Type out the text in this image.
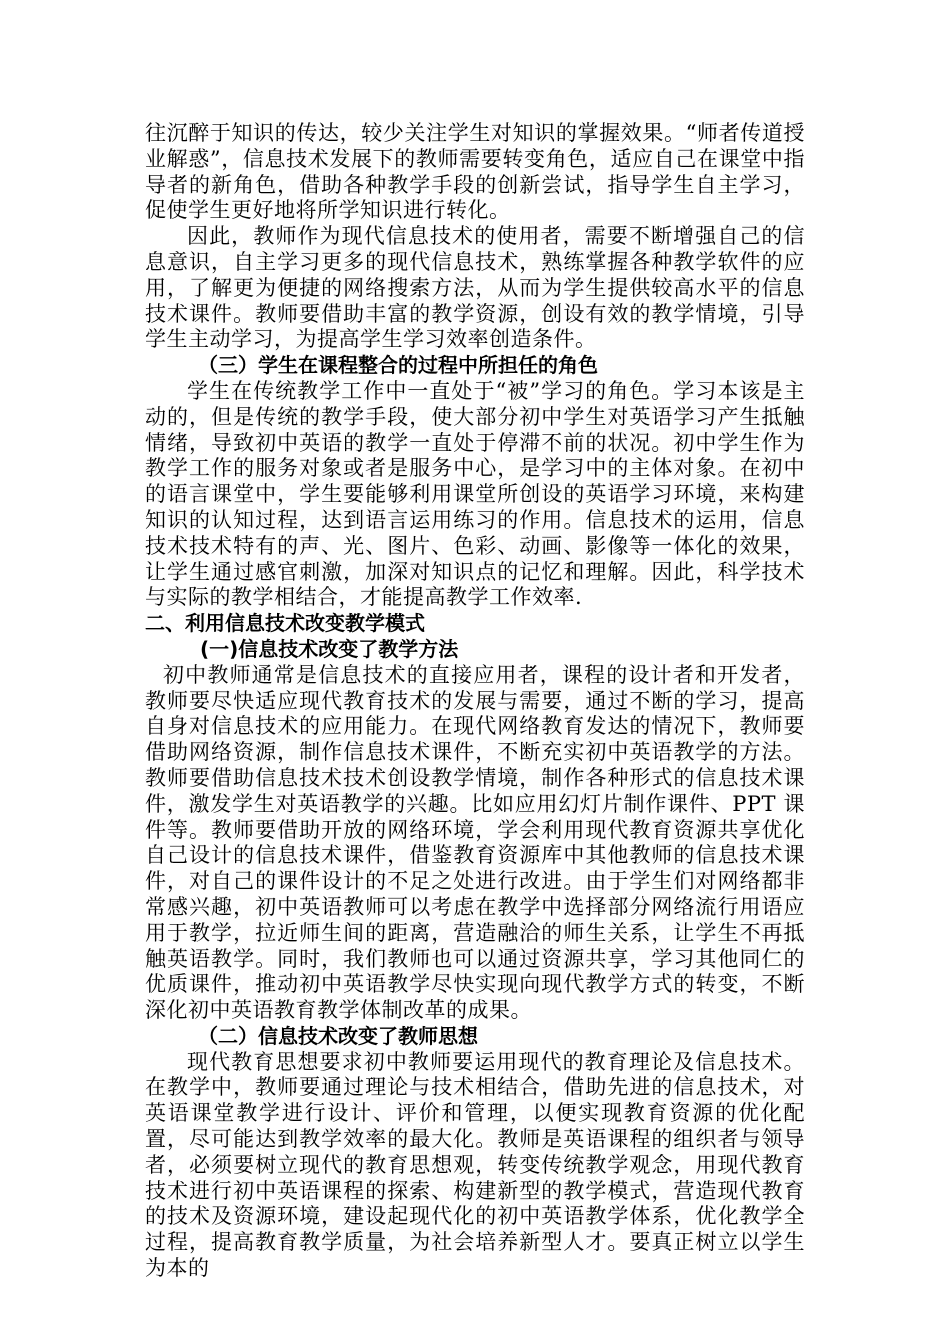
往沉醉于知识的传达，较少关注学生对知识的掌握效果。“师者传道授业解惑”，信息技术发展下的教师需要转变角色，适应自己在课堂中指导者的新角色，借助各种教学手段的创新尝试，指导学生自主学习，促使学生更好地将所学知识进行转化。

因此，教师作为现代信息技术的使用者，需要不断增强自己的信息意识，自主学习更多的现代信息技术，熟练掌握各种教学软件的应用，了解更为便捷的网络搜索方法，从而为学生提供较高水平的信息技术课件。教师要借助丰富的教学资源，创设有效的教学情境，引导学生主动学习，为提高学生学习效率创造条件。

（三）学生在课程整合的过程中所担任的角色

学生在传统教学工作中一直处于“被”学习的角色。学习本该是主动的，但是传统的教学手段，使大部分初中学生对英语学习产生抵触情绪，导致初中英语的教学一直处于停滞不前的状况。初中学生作为教学工作的服务对象或者是服务中心，是学习中的主体对象。在初中的语言课堂中，学生要能够利用课堂所创设的英语学习环境，来构建知识的认知过程，达到语言运用练习的作用。信息技术的运用，信息技术技术特有的声、光、图片、色彩、动画、影像等一体化的效果，让学生通过感官刺激，加深对知识点的记忆和理解。因此，科学技术与实际的教学相结合，才能提高教学工作效率.

二、利用信息技术改变教学模式

(一)信息技术改变了教学方法

初中教师通常是信息技术的直接应用者，课程的设计者和开发者，教师要尽快适应现代教育技术的发展与需要，通过不断的学习，提高自身对信息技术的应用能力。在现代网络教育发达的情况下，教师要借助网络资源，制作信息技术课件，不断充实初中英语教学的方法。教师要借助信息技术技术创设教学情境，制作各种形式的信息技术课件，激发学生对英语教学的兴趣。比如应用幻灯片制作课件、PPT 课件等。教师要借助开放的网络环境，学会利用现代教育资源共享优化自己设计的信息技术课件，借鉴教育资源库中其他教师的信息技术课件，对自己的课件设计的不足之处进行改进。由于学生们对网络都非常感兴趣，初中英语教师可以考虑在教学中选择部分网络流行用语应用于教学，拉近师生间的距离，营造融洽的师生关系，让学生不再抵触英语教学。同时，我们教师也可以通过资源共享，学习其他同仁的优质课件，推动初中英语教学尽快实现向现代教学方式的转变，不断深化初中英语教育教学体制改革的成果。

（二）信息技术改变了教师思想

现代教育思想要求初中教师要运用现代的教育理论及信息技术。在教学中，教师要通过理论与技术相结合，借助先进的信息技术，对英语课堂教学进行设计、评价和管理，以便实现教育资源的优化配置，尽可能达到教学效率的最大化。教师是英语课程的组织者与领导者，必须要树立现代的教育思想观，转变传统教学观念，用现代教育技术进行初中英语课程的探索、构建新型的教学模式，营造现代教育的技术及资源环境，建设起现代化的初中英语教学体系，优化教学全过程，提高教育教学质量，为社会培养新型人才。要真正树立以学生为本的
